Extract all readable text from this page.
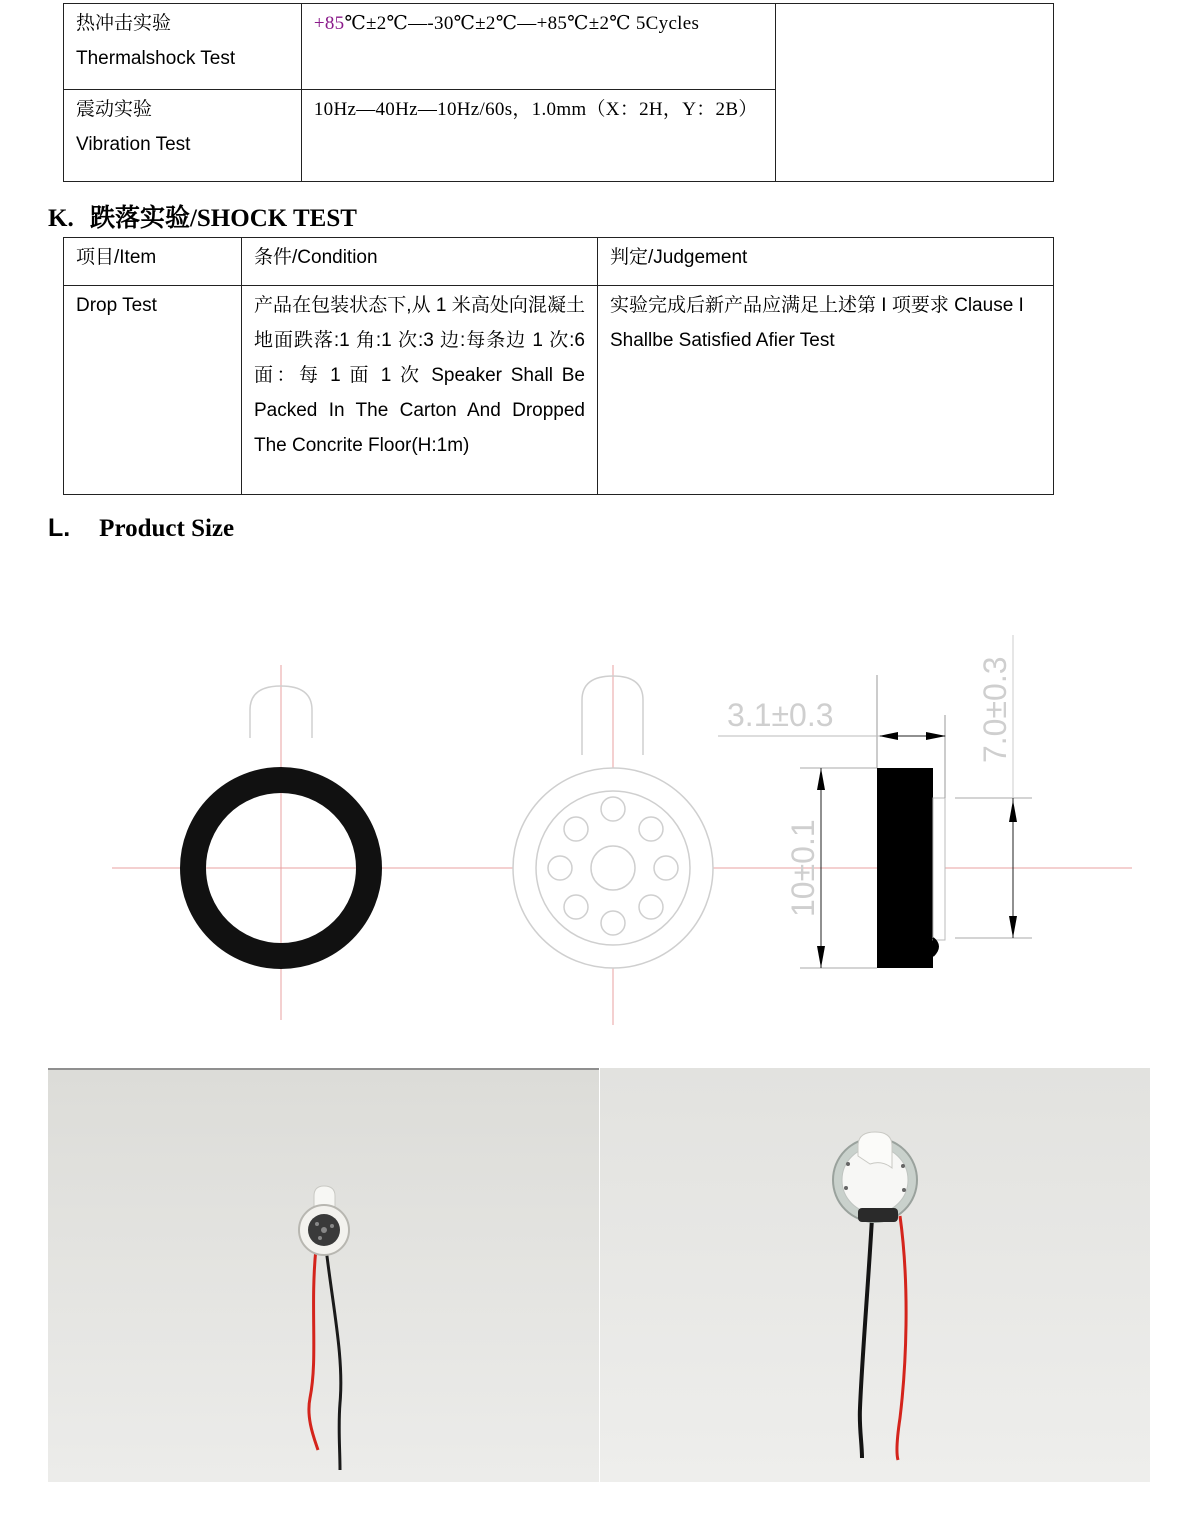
热冲击实验
Thermalshock Test	+85℃±2℃—-30℃±2℃—+85℃±2℃ 5Cycles	

震动实验
Vibration Test	10Hz—40Hz—10Hz/60s，1.0mm（X：2H，Y：2B）	
K. 跌落实验/SHOCK TEST
项目/Item	条件/Condition	判定/Judgement

Drop Test	产品在包装状态下,从 1 米高处向混凝土地面跌落:1 角:1 次:3 边:每条边 1 次:6 面：每 1 面 1 次 Speaker Shall Be Packed In The Carton And Dropped The Concrite Floor(H:1m)	实验完成后新产品应满足上述第 I 项要求 Clause I Shallbe Satisfied Afier Test
L. Product Size
3.1±0.3
10±0.1
7.0±0.3
